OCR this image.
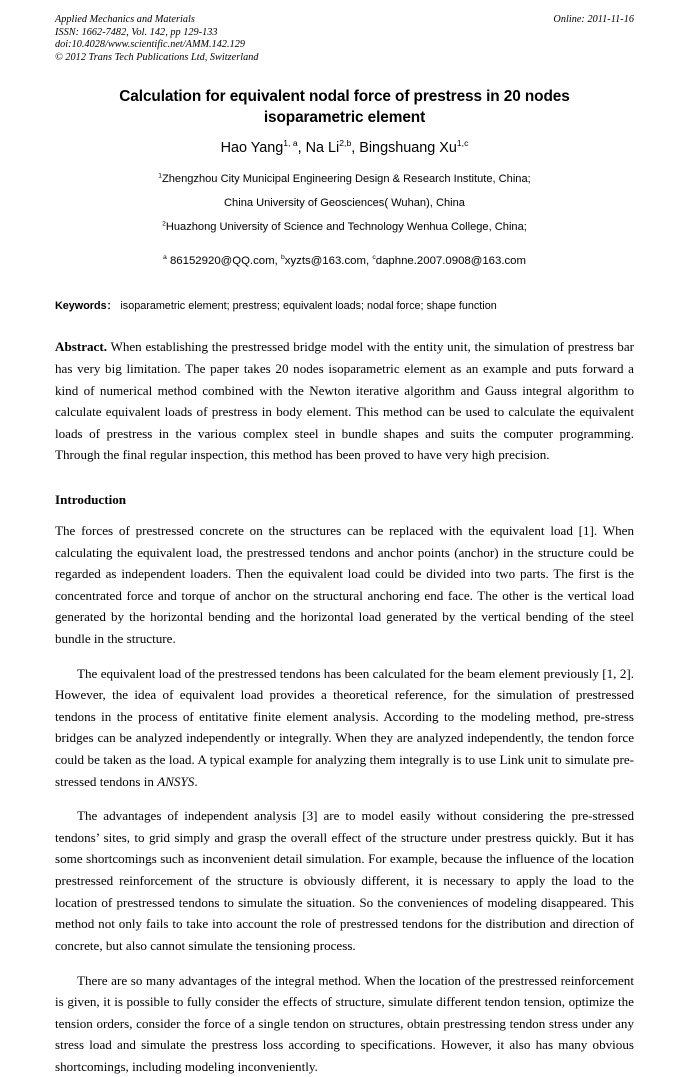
Online: 2011-11-16
Applied Mechanics and Materials
ISSN: 1662-7482, Vol. 142, pp 129-133
doi:10.4028/www.scientific.net/AMM.142.129
© 2012 Trans Tech Publications Ltd, Switzerland
Calculation for equivalent nodal force of prestress in 20 nodes isoparametric element
Hao Yang$^{1, a}$, Na Li$^{2,b}$, Bingshuang Xu$^{1,c}$
$^1$Zhengzhou City Municipal Engineering Design & Research Institute, China;
China University of Geosciences( Wuhan), China
$^2$Huazhong University of Science and Technology Wenhua College, China;
$^a$ 86152920@QQ.com, $^b$xyzts@163.com, $^c$daphne.2007.0908@163.com
Keywords： isoparametric element; prestress; equivalent loads; nodal force; shape function
Abstract. When establishing the prestressed bridge model with the entity unit, the simulation of prestress bar has very big limitation. The paper takes 20 nodes isoparametric element as an example and puts forward a kind of numerical method combined with the Newton iterative algorithm and Gauss integral algorithm to calculate equivalent loads of prestress in body element. This method can be used to calculate the equivalent loads of prestress in the various complex steel in bundle shapes and suits the computer programming. Through the final regular inspection, this method has been proved to have very high precision.
Introduction

The forces of prestressed concrete on the structures can be replaced with the equivalent load [1]. When calculating the equivalent load, the prestressed tendons and anchor points (anchor) in the structure could be regarded as independent loaders. Then the equivalent load could be divided into two parts. The first is the concentrated force and torque of anchor on the structural anchoring end face. The other is the vertical load generated by the horizontal bending and the horizontal load generated by the vertical bending of the steel bundle in the structure.

The equivalent load of the prestressed tendons has been calculated for the beam element previously [1, 2]. However, the idea of equivalent load provides a theoretical reference, for the simulation of prestressed tendons in the process of entitative finite element analysis. According to the modeling method, pre-stress bridges can be analyzed independently or integrally. When they are analyzed independently, the tendon force could be taken as the load. A typical example for analyzing them integrally is to use Link unit to simulate pre-stressed tendons in ANSYS.

The advantages of independent analysis [3] are to model easily without considering the pre-stressed tendons’ sites, to grid simply and grasp the overall effect of the structure under prestress quickly. But it has some shortcomings such as inconvenient detail simulation. For example, because the influence of the location prestressed reinforcement of the structure is obviously different, it is necessary to apply the load to the location of prestressed tendons to simulate the situation. So the conveniences of modeling disappeared. This method not only fails to take into account the role of prestressed tendons for the distribution and direction of concrete, but also cannot simulate the tensioning process.

There are so many advantages of the integral method. When the location of the prestressed reinforcement is given, it is possible to fully consider the effects of structure, simulate different tendon tension, optimize the tension orders, consider the force of a single tendon on structures, obtain prestressing tendon stress under any stress load and simulate the prestress loss according to specifications. However, it also has many obvious shortcomings, including modeling inconveniently.
